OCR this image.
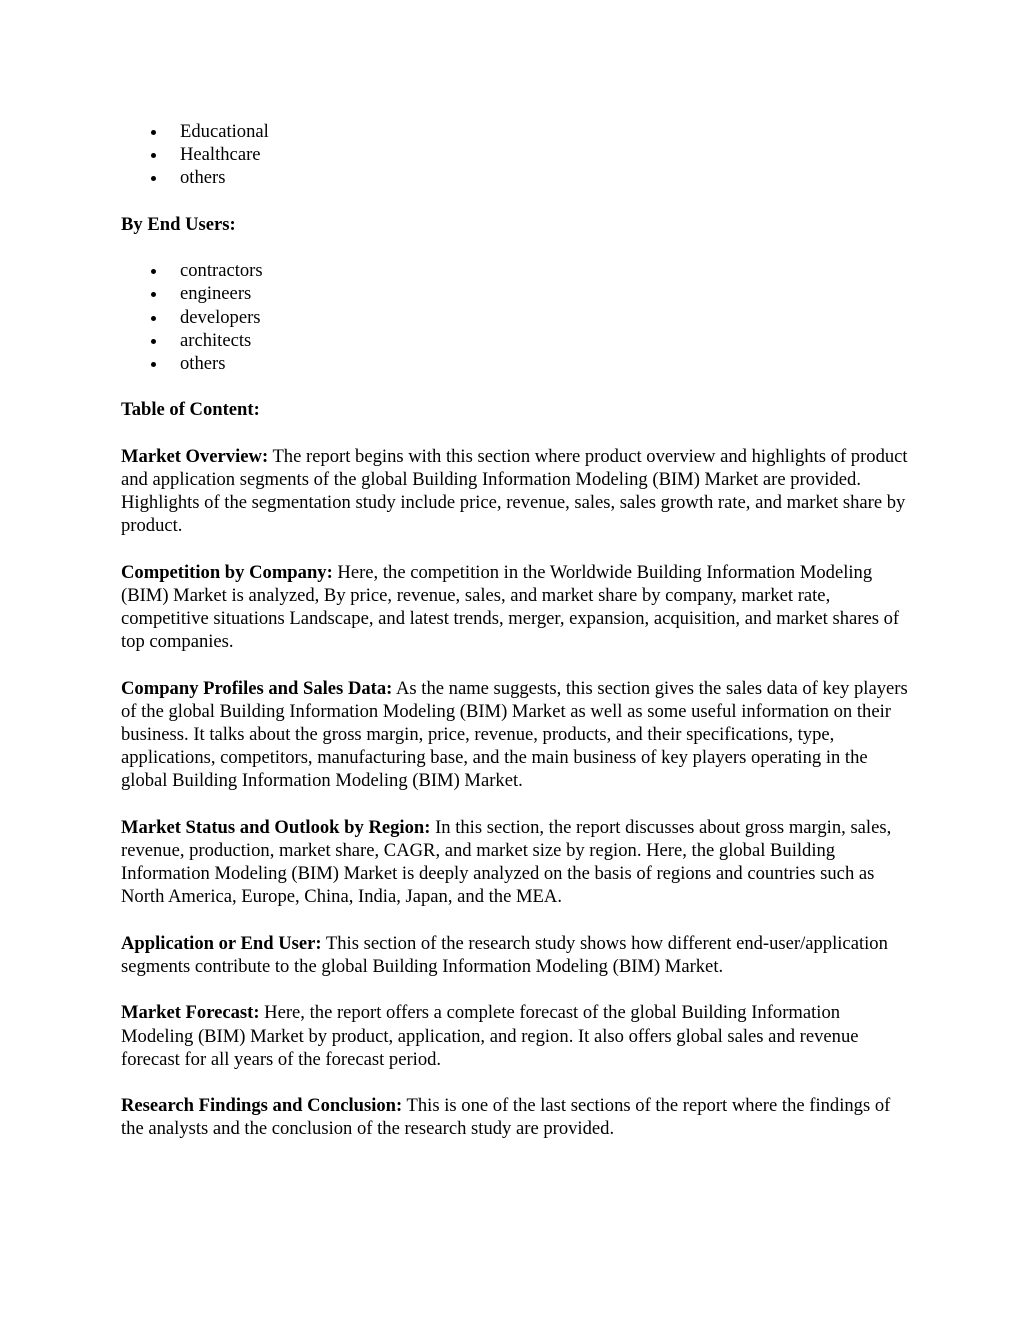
Educational
Healthcare
others

By End Users:

contractors
engineers
developers
architects
others

Table of Content:

Market Overview: The report begins with this section where product overview and highlights of product and application segments of the global Building Information Modeling (BIM) Market are provided. Highlights of the segmentation study include price, revenue, sales, sales growth rate, and market share by product.

Competition by Company: Here, the competition in the Worldwide Building Information Modeling (BIM) Market is analyzed, By price, revenue, sales, and market share by company, market rate, competitive situations Landscape, and latest trends, merger, expansion, acquisition, and market shares of top companies.

Company Profiles and Sales Data: As the name suggests, this section gives the sales data of key players of the global Building Information Modeling (BIM) Market as well as some useful information on their business. It talks about the gross margin, price, revenue, products, and their specifications, type, applications, competitors, manufacturing base, and the main business of key players operating in the global Building Information Modeling (BIM) Market.

Market Status and Outlook by Region: In this section, the report discusses about gross margin, sales, revenue, production, market share, CAGR, and market size by region. Here, the global Building Information Modeling (BIM) Market is deeply analyzed on the basis of regions and countries such as North America, Europe, China, India, Japan, and the MEA.

Application or End User: This section of the research study shows how different end-user/application segments contribute to the global Building Information Modeling (BIM) Market.

Market Forecast: Here, the report offers a complete forecast of the global Building Information Modeling (BIM) Market by product, application, and region. It also offers global sales and revenue forecast for all years of the forecast period.

Research Findings and Conclusion: This is one of the last sections of the report where the findings of the analysts and the conclusion of the research study are provided.
